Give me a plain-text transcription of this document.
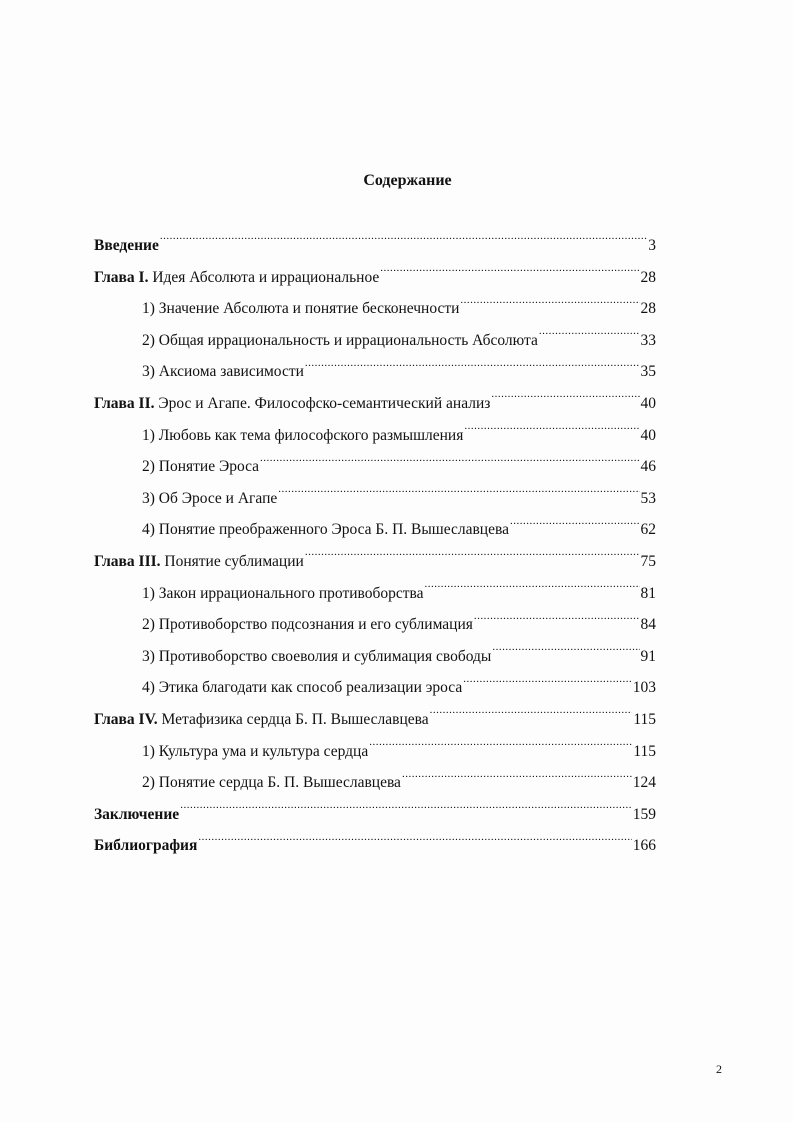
Содержание
Введение .....	3
Глава I. Идея Абсолюта и иррациональное .....	28
1) Значение Абсолюта и понятие бесконечности .....	28
2) Общая иррациональность и иррациональность Абсолюта .....	33
3) Аксиома зависимости .....	35
Глава II. Эрос и Агапе. Философско-семантический анализ .....	40
1) Любовь как тема философского размышления .....	40
2) Понятие Эроса .....	46
3) Об Эросе и Агапе .....	53
4) Понятие преображенного Эроса Б. П. Вышеславцева .....	62
Глава III. Понятие сублимации .....	75
1) Закон иррационального противоборства .....	81
2) Противоборство подсознания и его сублимация .....	84
3) Противоборство своеволия и сублимация свободы .....	91
4) Этика благодати как способ реализации эроса .....	103
Глава IV. Метафизика сердца Б. П. Вышеславцева .....	115
1) Культура ума и культура сердца .....	115
2) Понятие сердца Б. П. Вышеславцева .....	124
Заключение .....	159
Библиография .....	166
2
